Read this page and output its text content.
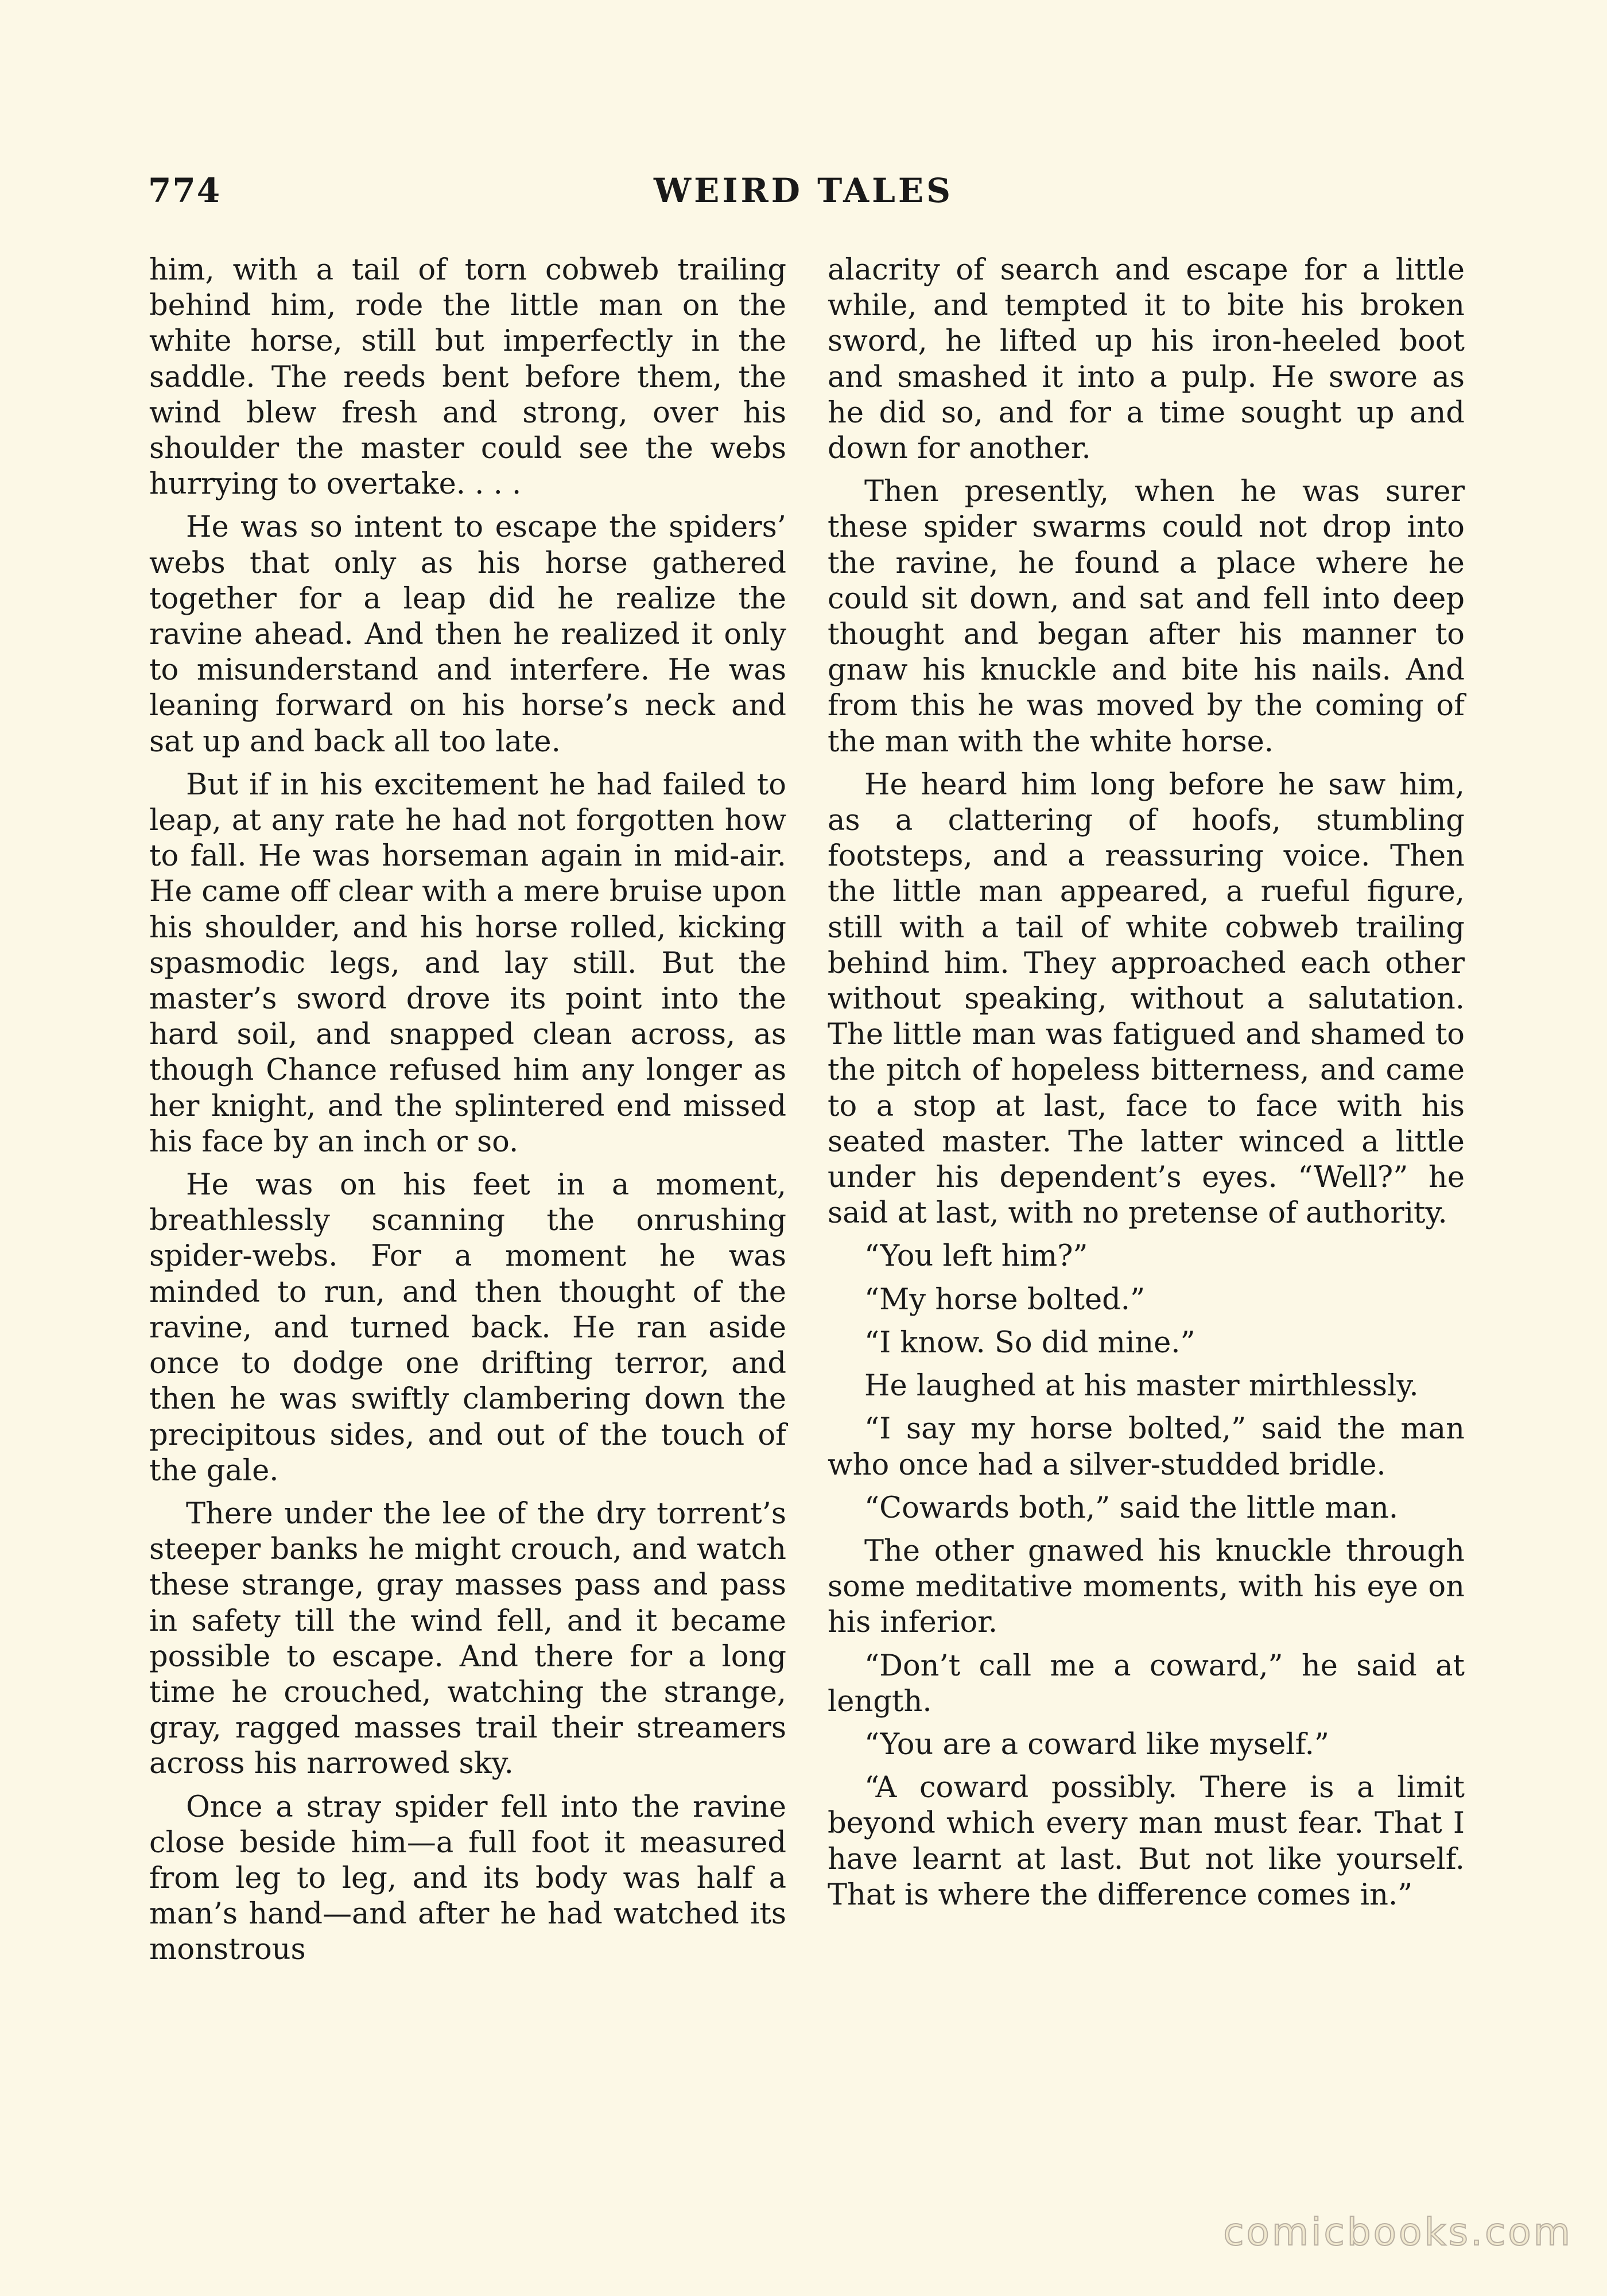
774	WEIRD TALES

him, with a tail of torn cobweb trailing behind him, rode the little man on the white horse, still but imperfectly in the saddle. The reeds bent before them, the wind blew fresh and strong, over his shoulder the master could see the webs hurrying to overtake. . . .

He was so intent to escape the spiders’ webs that only as his horse gathered together for a leap did he realize the ravine ahead. And then he realized it only to misunderstand and interfere. He was leaning forward on his horse’s neck and sat up and back all too late.

But if in his excitement he had failed to leap, at any rate he had not forgotten how to fall. He was horseman again in mid-air. He came off clear with a mere bruise upon his shoulder, and his horse rolled, kicking spasmodic legs, and lay still. But the master’s sword drove its point into the hard soil, and snapped clean across, as though Chance refused him any longer as her knight, and the splintered end missed his face by an inch or so.

He was on his feet in a moment, breathlessly scanning the onrushing spider-webs. For a moment he was minded to run, and then thought of the ravine, and turned back. He ran aside once to dodge one drifting terror, and then he was swiftly clambering down the precipitous sides, and out of the touch of the gale.

There under the lee of the dry torrent’s steeper banks he might crouch, and watch these strange, gray masses pass and pass in safety till the wind fell, and it became possible to escape. And there for a long time he crouched, watching the strange, gray, ragged masses trail their streamers across his narrowed sky.

Once a stray spider fell into the ravine close beside him—a full foot it measured from leg to leg, and its body was half a man’s hand—and after he had watched its monstrous

alacrity of search and escape for a little while, and tempted it to bite his broken sword, he lifted up his iron-heeled boot and smashed it into a pulp. He swore as he did so, and for a time sought up and down for another.

Then presently, when he was surer these spider swarms could not drop into the ravine, he found a place where he could sit down, and sat and fell into deep thought and began after his manner to gnaw his knuckle and bite his nails. And from this he was moved by the coming of the man with the white horse.

He heard him long before he saw him, as a clattering of hoofs, stumbling footsteps, and a reassuring voice. Then the little man appeared, a rueful figure, still with a tail of white cobweb trailing behind him. They approached each other without speaking, without a salutation. The little man was fatigued and shamed to the pitch of hopeless bitterness, and came to a stop at last, face to face with his seated master. The latter winced a little under his dependent’s eyes. “Well?” he said at last, with no pretense of authority.

“You left him?”

“My horse bolted.”

“I know. So did mine.”

He laughed at his master mirthlessly.

“I say my horse bolted,” said the man who once had a silver-studded bridle.

“Cowards both,” said the little man.

The other gnawed his knuckle through some meditative moments, with his eye on his inferior.

“Don’t call me a coward,” he said at length.

“You are a coward like myself.”

“A coward possibly. There is a limit beyond which every man must fear. That I have learnt at last. But not like yourself. That is where the difference comes in.”

comicbooks.com
